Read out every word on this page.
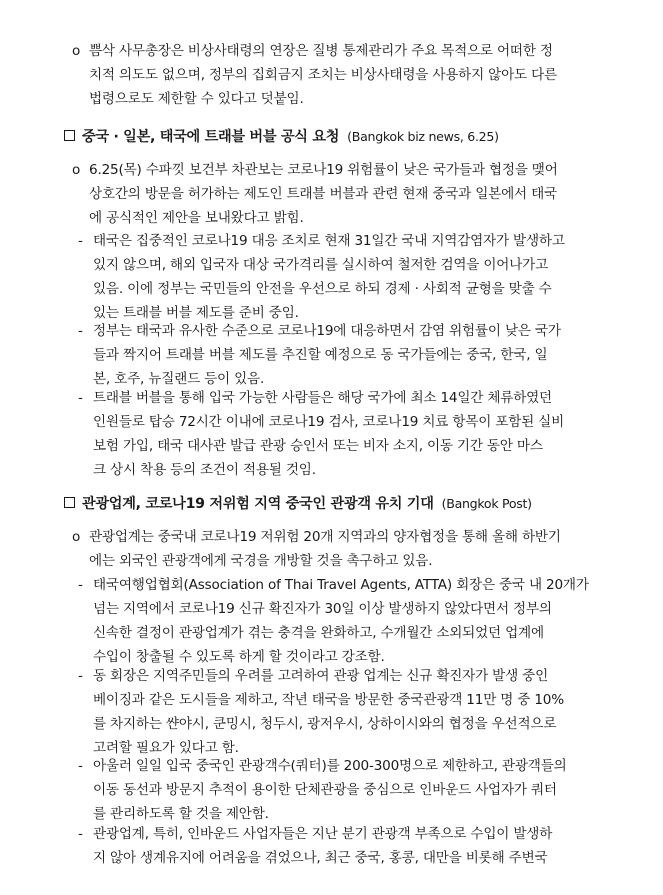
o 쁨삭 사무총장은 비상사태령의 연장은 질병 통제관리가 주요 목적으로 어떠한 정
치적 의도도 없으며, 정부의 집회금지 조치는 비상사태령을 사용하지 않아도 다른
법령으로도 제한할 수 있다고 덧붙임.
중국 · 일본, 태국에 트래블 버블 공식 요청 (Bangkok biz news, 6.25)
o 6.25(목) 수파낏 보건부 차관보는 코로나19 위험률이 낮은 국가들과 협정을 맺어
상호간의 방문을 허가하는 제도인 트래블 버블과 관련 현재 중국과 일본에서 태국
에 공식적인 제안을 보내왔다고 밝힘.
- 태국은 집중적인 코로나19 대응 조치로 현재 31일간 국내 지역감염자가 발생하고
있지 않으며, 해외 입국자 대상 국가격리를 실시하여 철저한 검역을 이어나가고
있음. 이에 정부는 국민들의 안전을 우선으로 하되 경제 · 사회적 균형을 맞출 수
있는 트래블 버블 제도를 준비 중임.
- 정부는 태국과 유사한 수준으로 코로나19에 대응하면서 감염 위험률이 낮은 국가
들과 짝지어 트래블 버블 제도를 추진할 예정으로 동 국가들에는 중국, 한국, 일
본, 호주, 뉴질랜드 등이 있음.
- 트래블 버블을 통해 입국 가능한 사람들은 해당 국가에 최소 14일간 체류하였던
인원들로 탑승 72시간 이내에 코로나19 검사, 코로나19 치료 항목이 포함된 실비
보험 가입, 태국 대사관 발급 관광 승인서 또는 비자 소지, 이동 기간 동안 마스
크 상시 착용 등의 조건이 적용될 것임.
관광업계, 코로나19 저위험 지역 중국인 관광객 유치 기대 (Bangkok Post)
o 관광업계는 중국내 코로나19 저위험 20개 지역과의 양자협정을 통해 올해 하반기
에는 외국인 관광객에게 국경을 개방할 것을 촉구하고 있음.
- 태국여행업협회(Association of Thai Travel Agents, ATTA) 회장은 중국 내 20개가
넘는 지역에서 코로나19 신규 확진자가 30일 이상 발생하지 않았다면서 정부의
신속한 결정이 관광업계가 겪는 충격을 완화하고, 수개월간 소외되었던 업계에
수입이 창출될 수 있도록 하게 할 것이라고 강조함.
- 동 회장은 지역주민들의 우려를 고려하여 관광 업계는 신규 확진자가 발생 중인
베이징과 같은 도시들을 제하고, 작년 태국을 방문한 중국관광객 11만 명 중 10%
를 차지하는 쌴야시, 쿤밍시, 청두시, 광저우시, 상하이시와의 협정을 우선적으로
고려할 필요가 있다고 함.
- 아울러 일일 입국 중국인 관광객수(쿼터)를 200-300명으로 제한하고, 관광객들의
이동 동선과 방문지 추적이 용이한 단체관광을 중심으로 인바운드 사업자가 쿼터
를 관리하도록 할 것을 제안함.
- 관광업계, 특히, 인바운드 사업자들은 지난 분기 관광객 부족으로 수입이 발생하
지 않아 생계유지에 어려움을 겪었으나, 최근 중국, 홍콩, 대만을 비롯해 주변국
